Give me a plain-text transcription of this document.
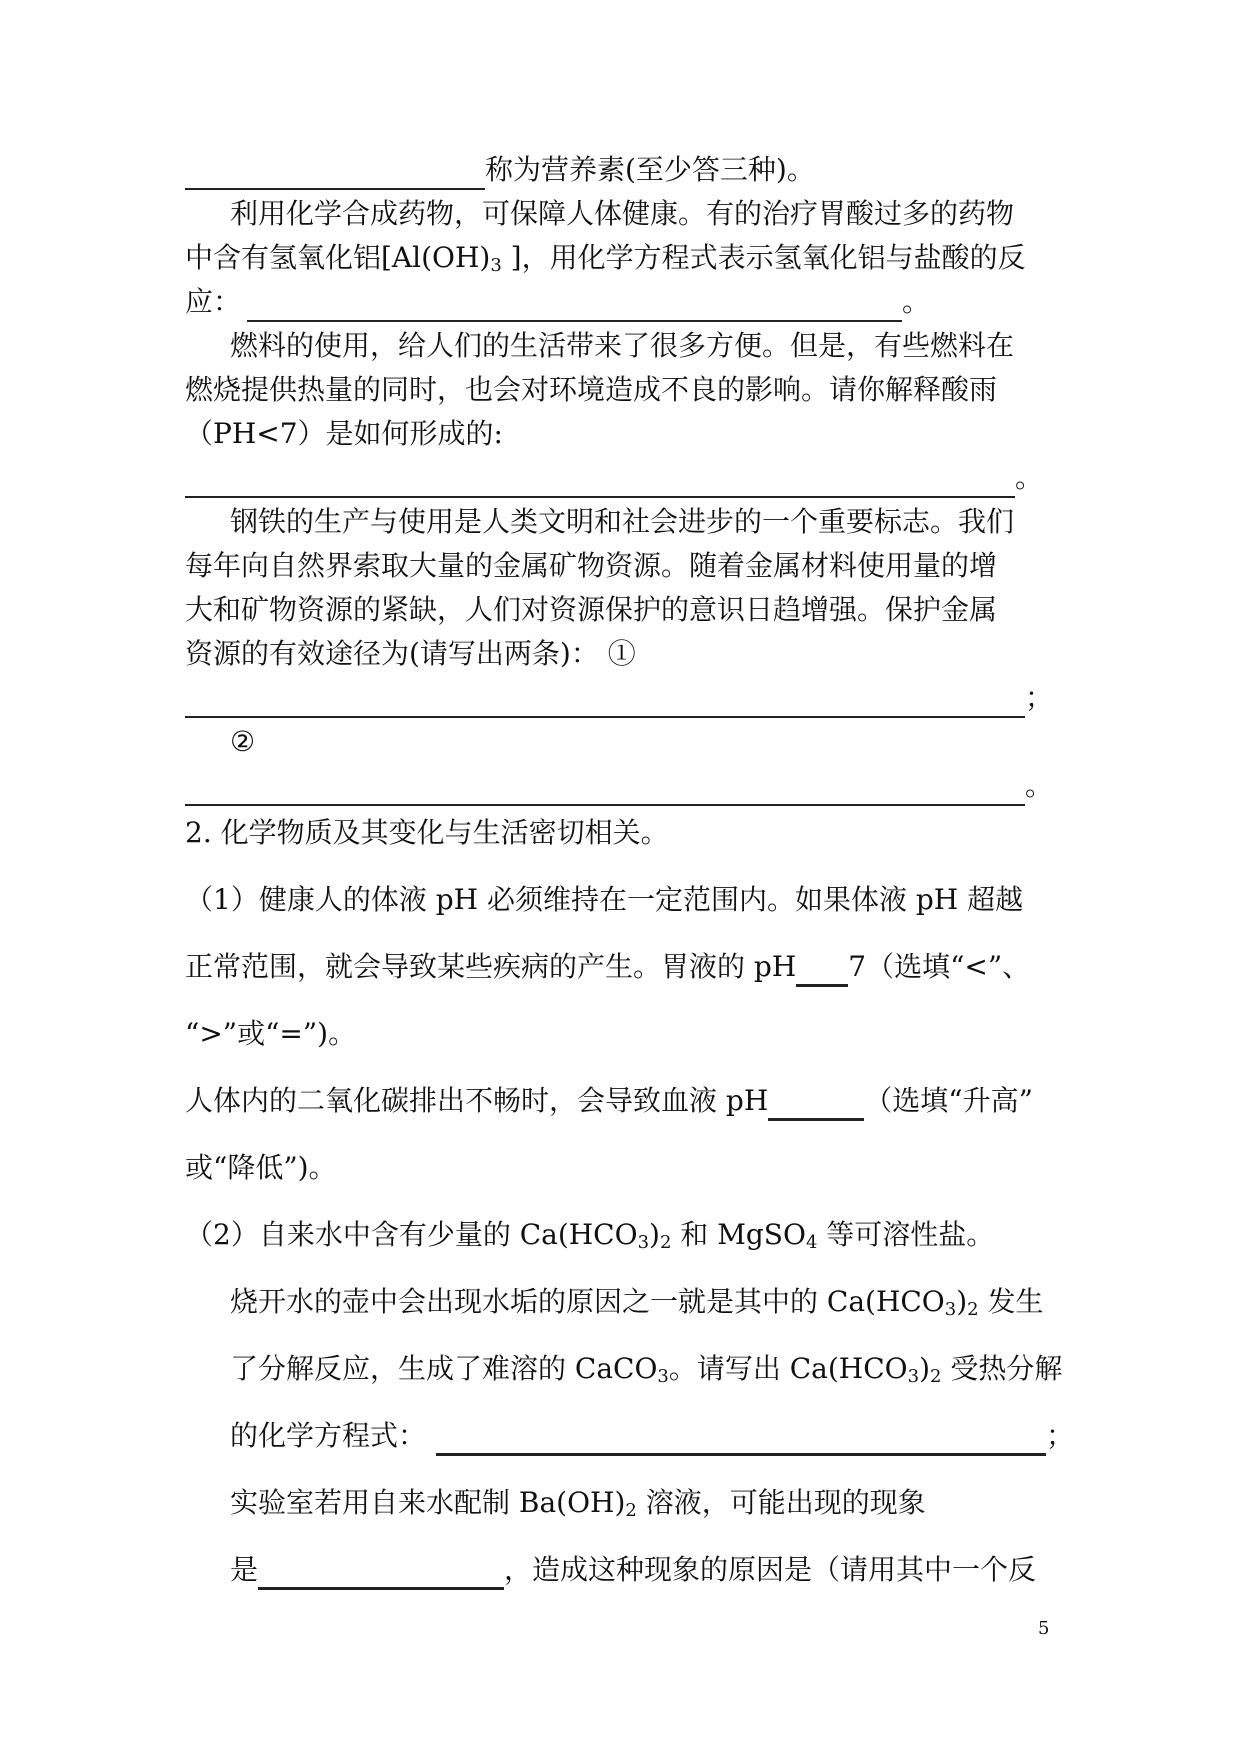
称为营养素(至少答三种)。
利用化学合成药物，可保障人体健康。有的治疗胃酸过多的药物
中含有氢氧化铝[$Al(OH)_3$ ]，用化学方程式表示氢氧化铝与盐酸的反
应：	。
燃料的使用，给人们的生活带来了很多方便。但是，有些燃料在
燃烧提供热量的同时，也会对环境造成不良的影响。请你解释酸雨
（PH<7）是如何形成的:
。
钢铁的生产与使用是人类文明和社会进步的一个重要标志。我们
每年向自然界索取大量的金属矿物资源。随着金属材料使用量的增
大和矿物资源的紧缺，人们对资源保护的意识日趋增强。保护金属
资源的有效途径为(请写出两条)： ①
；
②
。
2. 化学物质及其变化与生活密切相关。
（1）健康人的体液 pH 必须维持在一定范围内。如果体液 pH 超越
正常范围，就会导致某些疾病的产生。胃液的 pH 7（选填“<”、
“>”或“=”)。
人体内的二氧化碳排出不畅时，会导致血液 pH	（选填“升高”
或“降低”)。
（2）自来水中含有少量的 $Ca(HCO_3)_2$ 和 MgSO$_4$ 等可溶性盐。
烧开水的壶中会出现水垢的原因之一就是其中的 $Ca(HCO_3)_2$ 发生
了分解反应，生成了难溶的 CaCO$_3$。请写出 $Ca(HCO_3)_2$ 受热分解
的化学方程式：	；
实验室若用自来水配制 $Ba(OH)_2$ 溶液，可能出现的现象
是	，造成这种现象的原因是（请用其中一个反
5
